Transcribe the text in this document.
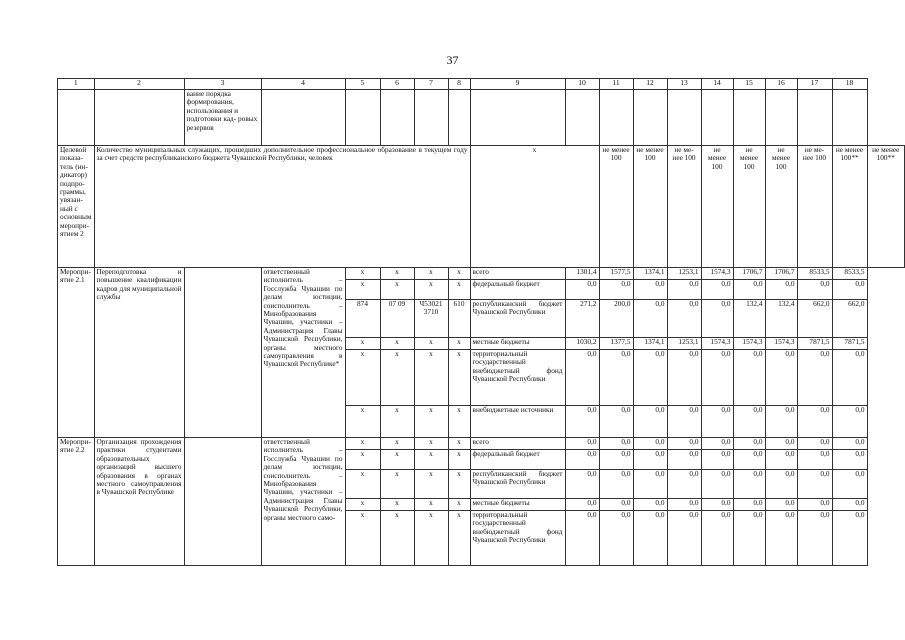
37
1	2	3	4	5	6	7	8	9	10	11	12	13	14	15	16	17	18	
		вание порядка формирования, использования и подготовки кад- ровых резервов																
Целевой показа- тель (ин- дикатор) подпро- граммы, увязан- ный с основным меропри- ятием 2	Количество муниципальных служащих, прошедших дополнительное профессиональное образование в текущем году за счет средств республиканского бюджета Чувашской Республики, человек							x		не менее 100	не менее 100	не ме- нее 100	не менее 100	не менее 100	не менее 100	не ме- нее 100	не менее 100**	не менее 100**
Меропри- ятие 2.1	Переподготовка и повышение квалификации кадров для муниципальной службы		ответственный исполнитель – Госслужба Чувашии по делам юстиции, соисполнитель – Минобразования Чувашии, участники – Администрация Главы Чувашской Республики, органы местного самоуправления в Чувашской Республике*	x	x	x	x	всего	1301,4	1577,5	1374,1	1253,1	1574,3	1706,7	1706,7	8533,5	8533,5	
				x	x	x	x	федеральный бюджет	0,0	0,0	0,0	0,0	0,0	0,0	0,0	0,0	0,0	
				874	07 09	Ч53021 3710	610	республиканский бюджет Чувашской Республики	271,2	200,0	0,0	0,0	0,0	132,4	132,4	662,0	662,0	
				x	x	x	x	местные бюджеты	1030,2	1377,5	1374,1	1253,1	1574,3	1574,3	1574,3	7871,5	7871,5	
				x	x	x	x	территориальный государственный внебюджетный фонд Чувашской Республики	0,0	0,0	0,0	0,0	0,0	0,0	0,0	0,0	0,0	
				x	x	x	x	внебюджетные источники	0,0	0,0	0,0	0,0	0,0	0,0	0,0	0,0	0,0	
Меропри- ятие 2.2	Организация прохождения практики студентами образовательных организаций высшего образования в органах местного самоуправления в Чувашской Республике		ответственный исполнитель – Госслужба Чувашии по делам юстиции, соисполнитель – Минобразования Чувашии, участники – Администрация Главы Чувашской Республики, органы местного само-	x	x	x	x	всего	0,0	0,0	0,0	0,0	0,0	0,0	0,0	0,0	0,0	
				x	x	x	x	федеральный бюджет	0,0	0,0	0,0	0,0	0,0	0,0	0,0	0,0	0,0	
				x	x	x	x	республиканский бюджет Чувашской Республики	0,0	0,0	0,0	0,0	0,0	0,0	0,0	0,0	0,0	
				x	x	x	x	местные бюджеты	0,0	0,0	0,0	0,0	0,0	0,0	0,0	0,0	0,0	
				x	x	x	x	территориальный государственный внебюджетный фонд Чувашской Республики	0,0	0,0	0,0	0,0	0,0	0,0	0,0	0,0	0,0	
